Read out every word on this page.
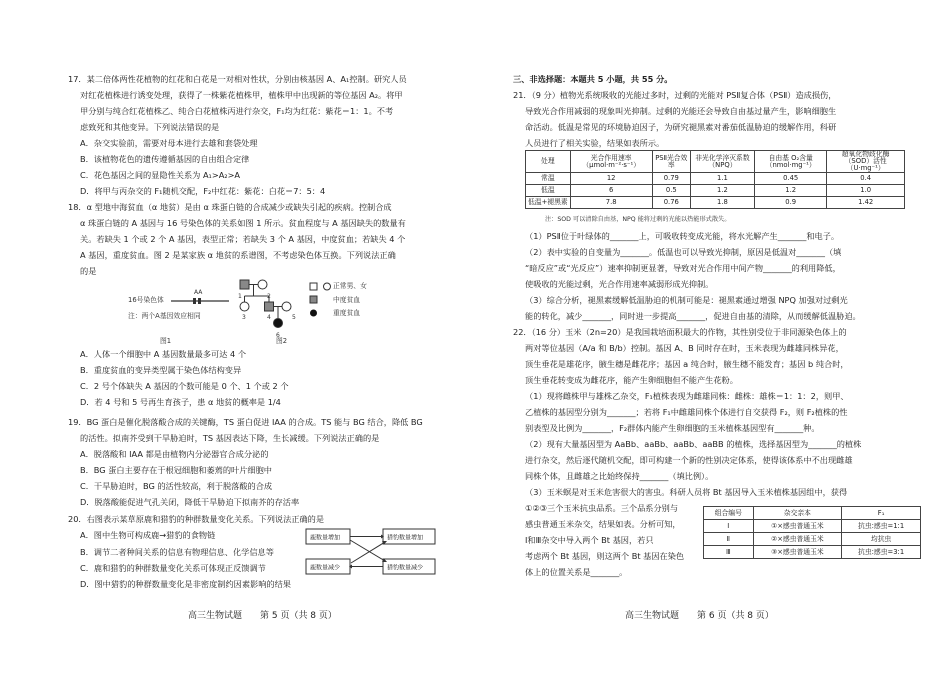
17．某二倍体两性花植物的红花和白花是一对相对性状，分别由核基因 A、A₁控制。研究人员
对红花植株进行诱变处理，获得了一株紫花植株甲，植株甲中出现新的等位基因 A₂。将甲
甲分别与纯合红花植株乙、纯合白花植株丙进行杂交，F₁均为红花：紫花＝1：1。不考
虑致死和其他变异。下列说法错误的是
A．杂交实验前，需要对母本进行去雄和套袋处理
B．该植物花色的遗传遵循基因的自由组合定律
C．花色基因之间的显隐性关系为 A₁>A₂>A
D．将甲与丙杂交的 F₁随机交配，F₂中红花：紫花：白花＝7：5：4
18．α 型地中海贫血（α 地贫）是由 α 珠蛋白链的合成减少或缺失引起的疾病。控制合成
α 珠蛋白链的 A 基因与 16 号染色体的关系如图 1 所示。贫血程度与 A 基因缺失的数量有
关。若缺失 1 个或 2 个 A 基因，表型正常；若缺失 3 个 A 基因，中度贫血；若缺失 4 个
A 基因，重度贫血。图 2 是某家族 α 地贫的系谱图，不考虑染色体互换。下列说法正确
的是
16号染色体
AA
注：两个A基因效应相同
图1
1	2
3	4	5
6
正常男、女
中度贫血
重度贫血
图2
A．人体一个细胞中 A 基因数量最多可达 4 个
B．重度贫血的变异类型属于染色体结构变异
C．2 号个体缺失 A 基因的个数可能是 0 个、1 个或 2 个
D．若 4 号和 5 号再生育孩子，患 α 地贫的概率是 1/4
19．BG 蛋白是催化脱落酸合成的关键酶，TS 蛋白促进 IAA 的合成。TS 能与 BG 结合，降低 BG
的活性。拟南芥受到干旱胁迫时，TS 基因表达下降，生长减缓。下列说法正确的是
A．脱落酸和 IAA 都是由植物内分泌器官合成分泌的
B．BG 蛋白主要存在于根冠细胞和萎蔫的叶片细胞中
C．干旱胁迫时，BG 的活性较高，利于脱落酸的合成
D．脱落酸能促进气孔关闭，降低干旱胁迫下拟南芥的存活率
20．右图表示某草原鹿和猎豹的种群数量变化关系。下列说法正确的是
A．图中生物可构成鹿→猎豹的食物链
B．调节二者种间关系的信息有物理信息、化学信息等
C．鹿和猎豹的种群数量变化关系可体现正反馈调节
D．图中猎豹的种群数量变化是非密度制约因素影响的结果
鹿数量增加	猎豹数量增加
鹿数量减少	猎豹数量减少
高三生物试题　　第 5 页（共 8 页）
三、非选择题：本题共 5 小题，共 55 分。
21．（9 分）植物光系统吸收的光能过多时，过剩的光能对 PSⅡ复合体（PSⅡ）造成损伤，
导致光合作用减弱的现象叫光抑制。过剩的光能还会导致自由基过量产生，影响细胞生
命活动。低温是常见的环境胁迫因子，为研究褪黑素对番茄低温胁迫的缓解作用，科研
人员进行了相关实验，结果如表所示。
处理	光合作用速率（μmol·m⁻²·s⁻¹）	PSⅡ光合效率	非光化学淬灭系数（NPQ）	自由基 O₂含量（nmol·mg⁻¹）	超氧化物歧化酶（SOD）活性（U·mg⁻¹）
常温	12	0.79	1.1	0.45	0.4
低温	6	0.5	1.2	1.2	1.0
低温+褪黑素	7.8	0.76	1.8	0.9	1.42
注：SOD 可以清除自由基，NPQ 能将过剩的光能以热能形式散失。
（1）PSⅡ位于叶绿体的_______上，可吸收转变成光能，将水光解产生_______和电子。
（2）表中实验的自变量为_______。低温也可以导致光抑制，原因是低温对_______（填
“暗反应”或“光反应”）速率抑制更显著，导致对光合作用中间产物_______的利用降低，
使吸收的光能过剩，光合作用速率减弱形成光抑制。
（3）综合分析，褪黑素缓解低温胁迫的机制可能是：褪黑素通过增强 NPQ 加强对过剩光
能的转化，减少_______，同时进一步提高_______，促进自由基的清除，从而缓解低温胁迫。
22．（16 分）玉米（2n=20）是我国栽培面积最大的作物，其性别受位于非同源染色体上的
两对等位基因（A/a 和 B/b）控制。基因 A、B 同时存在时，玉米表现为雌雄同株异花，
顶生垂花是雄花序，腋生穗是雌花序；基因 a 纯合时，腋生穗不能发育；基因 b 纯合时，
顶生垂花转变成为雌花序，能产生卵细胞但不能产生花粉。
（1）现将雌株甲与雄株乙杂交，F₁植株表现为雌雄同株：雌株：雄株＝1：1：2，则甲、
乙植株的基因型分别为_______；若将 F₁中雌雄同株个体进行自交获得 F₂，则 F₂植株的性
别表型及比例为_______，F₂群体内能产生卵细胞的玉米植株基因型有_______种。
（2）现有大量基因型为 AaBb、aaBb、aaBb、aaBB 的植株，选择基因型为_______的植株
进行杂交，然后逐代随机交配，即可构建一个新的性别决定体系，使得该体系中不出现雌雄
同株个体，且雌雄之比始终保持_______（填比例）。
（3）玉米螟是对玉米危害很大的害虫。科研人员将 Bt 基因导入玉米植株基因组中，获得
①②③三个玉米抗虫品系。三个品系分别与
感虫普通玉米杂交，结果如表。分析可知，
Ⅰ和Ⅲ杂交中导入两个 Bt 基因，若只
考虑两个 Bt 基因，则这两个 Bt 基因在染色
体上的位置关系是_______。
组合编号	杂交亲本	F₁
Ⅰ	①×感虫普通玉米	抗虫:感虫=1:1
Ⅱ	②×感虫普通玉米	均抗虫
Ⅲ	③×感虫普通玉米	抗虫:感虫=3:1
高三生物试题　　第 6 页（共 8 页）
